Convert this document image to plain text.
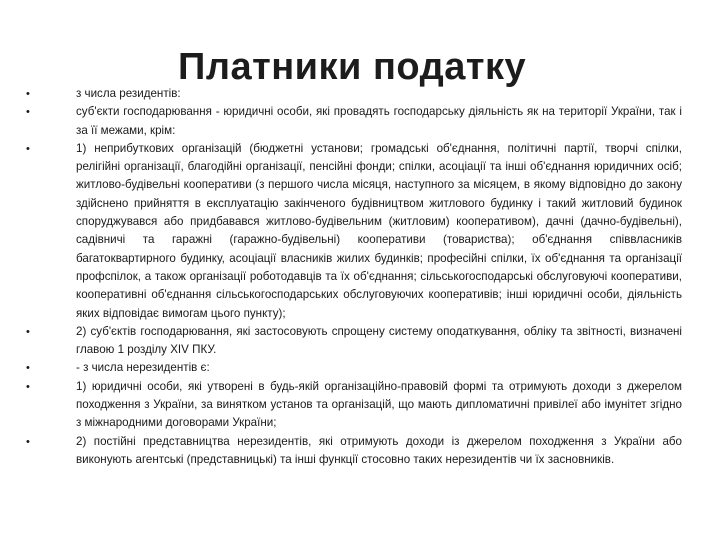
Платники податку
•	з числа резидентів:
•	суб'єкти господарювання - юридичні особи, які провадять господарську діяльність як на території України, так і за її межами, крім:
•	1) неприбуткових організацій (бюджетні установи; громадські об'єднання, політичні партії, творчі спілки, релігійні організації, благодійні організації, пенсійні фонди; спілки, асоціації та інші об'єднання юридичних осіб; житлово-будівельні кооперативи (з першого числа місяця, наступного за місяцем, в якому відповідно до закону здійснено прийняття в експлуатацію закінченого будівництвом житлового будинку і такий житловий будинок споруджувався або придбавався житлово-будівельним (житловим) кооперативом), дачні (дачно-будівельні), садівничі та гаражні (гаражно-будівельні) кооперативи (товариства); об'єднання співвласників багатоквартирного будинку, асоціації власників жилих будинків; професійні спілки, їх об'єднання та організації профспілок, а також організації роботодавців та їх об'єднання; сільськогосподарські обслуговуючі кооперативи, кооперативні об'єднання сільськогосподарських обслуговуючих кооперативів; інші юридичні особи, діяльність яких відповідає вимогам цього пункту);
•	2) суб'єктів господарювання, які застосовують спрощену систему оподаткування, обліку та звітності, визначені главою 1 розділу XIV ПКУ.
•	- з числа нерезидентів є:
•	1) юридичні особи, які утворені в будь-якій організаційно-правовій формі та отримують доходи з джерелом походження з України, за винятком установ та організацій, що мають дипломатичні привілеї або імунітет згідно з міжнародними договорами України;
•	2) постійні представництва нерезидентів, які отримують доходи із джерелом походження з України або виконують агентські (представницькі) та інші функції стосовно таких нерезидентів чи їх засновників.
